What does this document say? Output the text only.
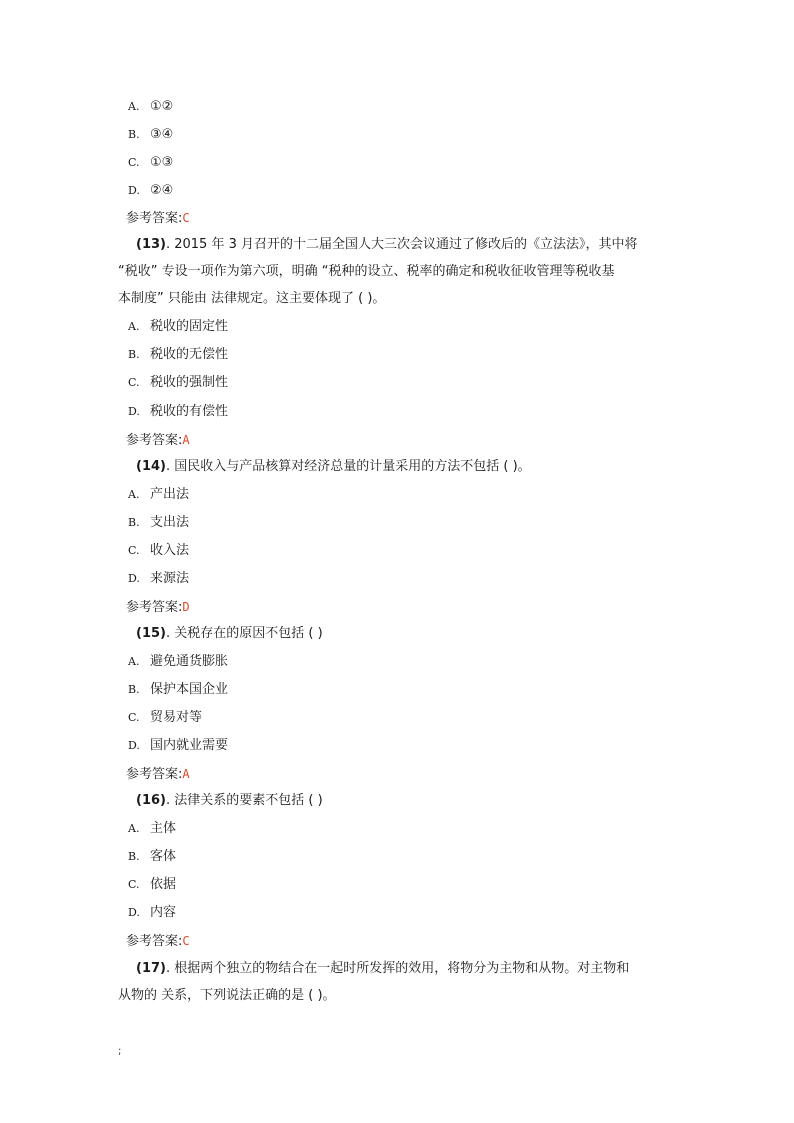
A. ①②
B. ③④
C. ①③
D. ②④
参考答案:C
(13). 2015 年 3 月召开的十二届全国人大三次会议通过了修改后的《立法法》，其中将
“税收” 专设一项作为第六项，明确 “税种的设立、税率的确定和税收征收管理等税收基
本制度” 只能由 法律规定。这主要体现了 ( )。
A. 税收的固定性
B. 税收的无偿性
C. 税收的强制性
D. 税收的有偿性
参考答案:A
(14). 国民收入与产品核算对经济总量的计量采用的方法不包括 ( )。
A. 产出法
B. 支出法
C. 收入法
D. 来源法
参考答案:D
(15). 关税存在的原因不包括 ( )
A. 避免通货膨胀
B. 保护本国企业
C. 贸易对等
D. 国内就业需要
参考答案:A
(16). 法律关系的要素不包括 ( )
A. 主体
B. 客体
C. 依据
D. 内容
参考答案:C
(17). 根据两个独立的物结合在一起时所发挥的效用，将物分为主物和从物。对主物和
从物的 关系，下列说法正确的是 ( )。
;
